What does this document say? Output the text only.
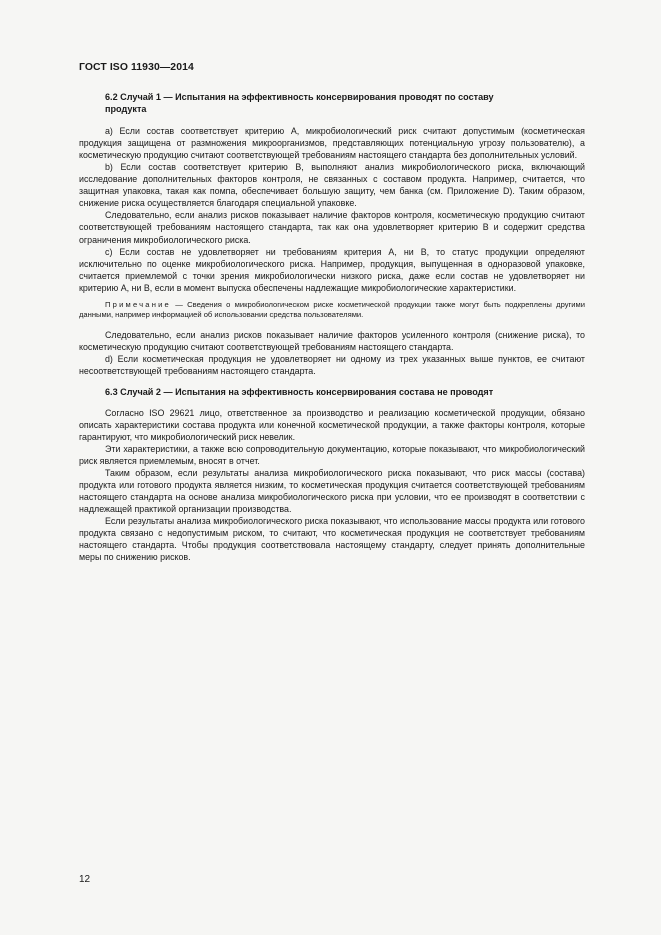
ГОСТ ISO 11930—2014
6.2 Случай 1 — Испытания на эффективность консервирования проводят по составу продукта

a) Если состав соответствует критерию А, микробиологический риск считают допустимым (косметическая продукция защищена от размножения микроорганизмов, представляющих потенциальную угрозу пользователю), а косметическую продукцию считают соответствующей требованиям настоящего стандарта без дополнительных условий.

b) Если состав соответствует критерию В, выполняют анализ микробиологического риска, включающий исследование дополнительных факторов контроля, не связанных с составом продукта. Например, считается, что защитная упаковка, такая как помпа, обеспечивает большую защиту, чем банка (см. Приложение D). Таким образом, снижение риска осуществляется благодаря специальной упаковке.

Следовательно, если анализ рисков показывает наличие факторов контроля, косметическую продукцию считают соответствующей требованиям настоящего стандарта, так как она удовлетворяет критерию В и содержит средства ограничения микробиологического риска.

c) Если состав не удовлетворяет ни требованиям критерия А, ни В, то статус продукции определяют исключительно по оценке микробиологического риска. Например, продукция, выпущенная в одноразовой упаковке, считается приемлемой с точки зрения микробиологически низкого риска, даже если состав не удовлетворяет ни критерию А, ни В, если в момент выпуска обеспечены надлежащие микробиологические характеристики.

Примечание — Сведения о микробиологическом риске косметической продукции также могут быть подкреплены другими данными, например информацией об использовании средства пользователями.

Следовательно, если анализ рисков показывает наличие факторов усиленного контроля (снижение риска), то косметическую продукцию считают соответствующей требованиям настоящего стандарта.

d) Если косметическая продукция не удовлетворяет ни одному из трех указанных выше пунктов, ее считают несоответствующей требованиям настоящего стандарта.

6.3 Случай 2 — Испытания на эффективность консервирования состава не проводят

Согласно ISO 29621 лицо, ответственное за производство и реализацию косметической продукции, обязано описать характеристики состава продукта или конечной косметической продукции, а также факторы контроля, которые гарантируют, что микробиологический риск невелик.

Эти характеристики, а также всю сопроводительную документацию, которые показывают, что микробиологический риск является приемлемым, вносят в отчет.

Таким образом, если результаты анализа микробиологического риска показывают, что риск массы (состава) продукта или готового продукта является низким, то косметическая продукция считается соответствующей требованиям настоящего стандарта на основе анализа микробиологического риска при условии, что ее производят в соответствии с надлежащей практикой организации производства.

Если результаты анализа микробиологического риска показывают, что использование массы продукта или готового продукта связано с недопустимым риском, то считают, что косметическая продукция не соответствует требованиям настоящего стандарта. Чтобы продукция соответствовала настоящему стандарту, следует принять дополнительные меры по снижению рисков.

12
